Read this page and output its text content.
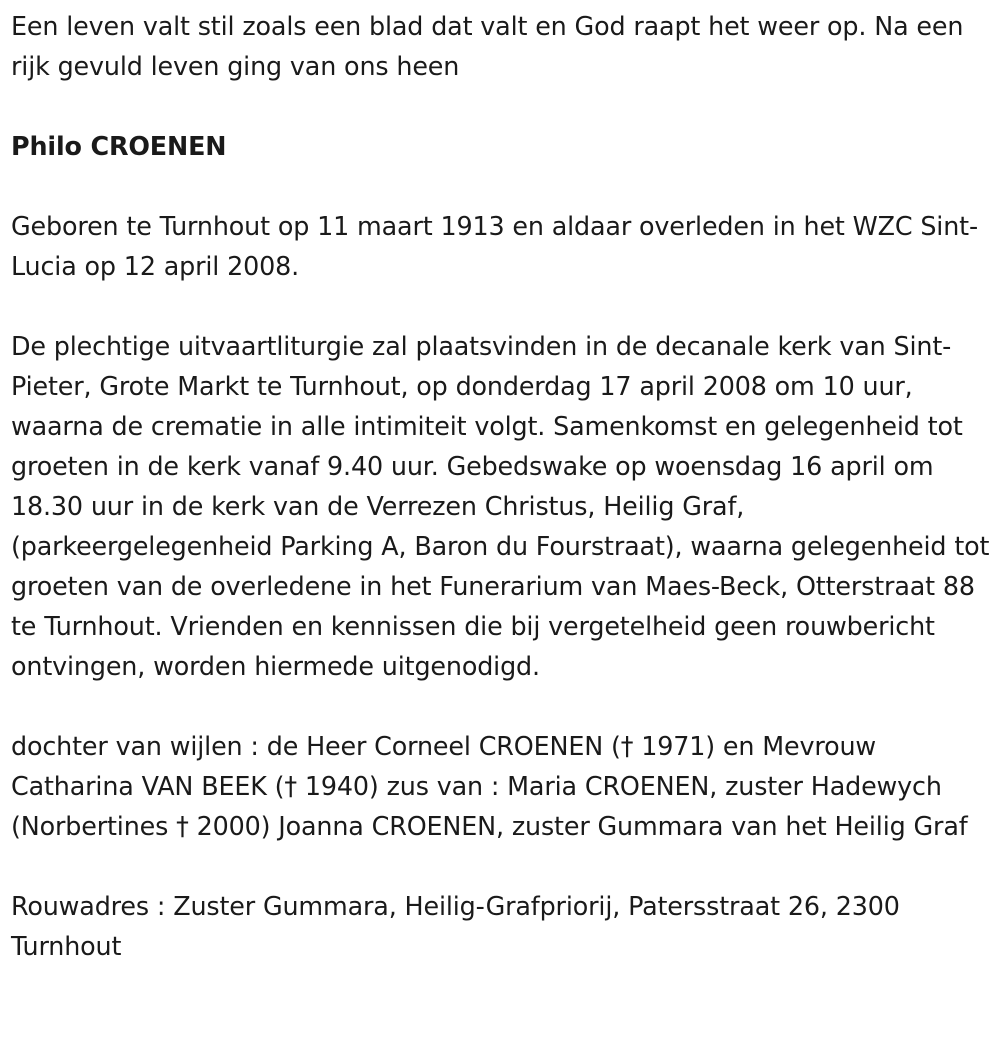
Een leven valt stil zoals een blad dat valt en God raapt het weer op. Na een rijk gevuld leven ging van ons heen

Philo CROENEN

Geboren te Turnhout op 11 maart 1913 en aldaar overleden in het WZC Sint-Lucia op 12 april 2008.

De plechtige uitvaartliturgie zal plaatsvinden in de decanale kerk van Sint-Pieter, Grote Markt te Turnhout, op donderdag 17 april 2008 om 10 uur, waarna de crematie in alle intimiteit volgt. Samenkomst en gelegenheid tot groeten in de kerk vanaf 9.40 uur. Gebedswake op woensdag 16 april om 18.30 uur in de kerk van de Verrezen Christus, Heilig Graf, (parkeergelegenheid Parking A, Baron du Fourstraat), waarna gelegenheid tot groeten van de overledene in het Funerarium van Maes-Beck, Otterstraat 88 te Turnhout. Vrienden en kennissen die bij vergetelheid geen rouwbericht ontvingen, worden hiermede uitgenodigd.

dochter van wijlen : de Heer Corneel CROENEN († 1971) en Mevrouw Catharina VAN BEEK († 1940) zus van : Maria CROENEN, zuster Hadewych (Norbertines † 2000) Joanna CROENEN, zuster Gummara van het Heilig Graf

Rouwadres : Zuster Gummara, Heilig-Grafpriorij, Patersstraat 26, 2300 Turnhout
